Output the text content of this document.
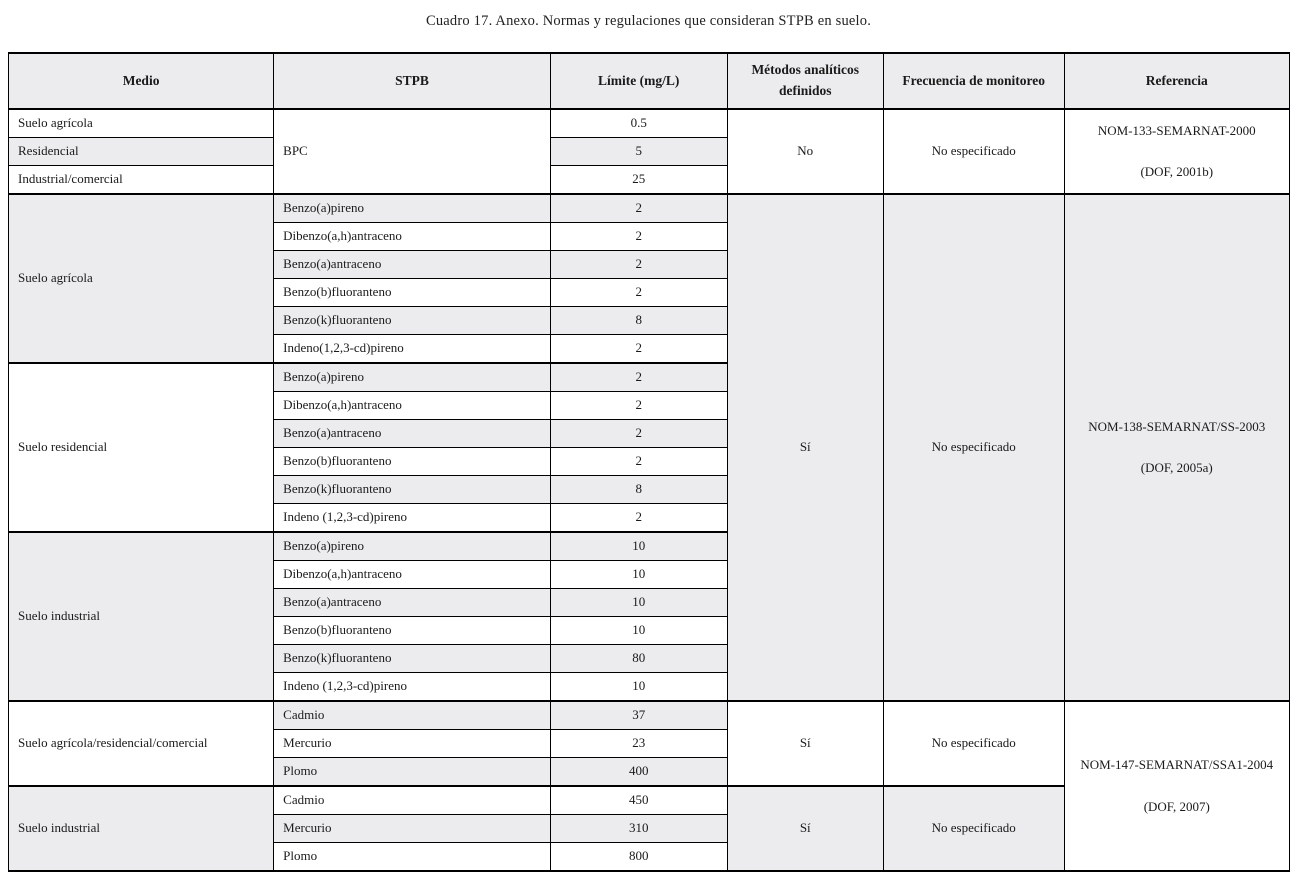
Cuadro 17. Anexo. Normas y regulaciones que consideran STPB en suelo.
Medio	STPB	Límite (mg/L)	Métodos analíticos definidos	Frecuencia de monitoreo	Referencia
Suelo agrícola	BPC	0.5	No	No especificado	NOM-133-SEMARNAT-2000
(DOF, 2001b)

Residencial		5			
Industrial/comercial		25			
Suelo agrícola	Benzo(a)pireno	2	Sí	No especificado	NOM-138-SEMARNAT/SS-2003
(DOF, 2005a)

	Dibenzo(a,h)antraceno	2			
	Benzo(a)antraceno	2			
	Benzo(b)fluoranteno	2			
	Benzo(k)fluoranteno	8			
	Indeno(1,2,3-cd)pireno	2			
Suelo residencial	Benzo(a)pireno	2			
	Dibenzo(a,h)antraceno	2			
	Benzo(a)antraceno	2			
	Benzo(b)fluoranteno	2			
	Benzo(k)fluoranteno	8			
	Indeno (1,2,3-cd)pireno	2			
Suelo industrial	Benzo(a)pireno	10			
	Dibenzo(a,h)antraceno	10			
	Benzo(a)antraceno	10			
	Benzo(b)fluoranteno	10			
	Benzo(k)fluoranteno	80			
	Indeno (1,2,3-cd)pireno	10			
Suelo agrícola/residencial/comercial	Cadmio	37	Sí	No especificado	NOM-147-SEMARNAT/SSA1-2004
(DOF, 2007)

	Mercurio	23			
	Plomo	400			
Suelo industrial	Cadmio	450	Sí	No especificado	
	Mercurio	310			
	Plomo	800			
